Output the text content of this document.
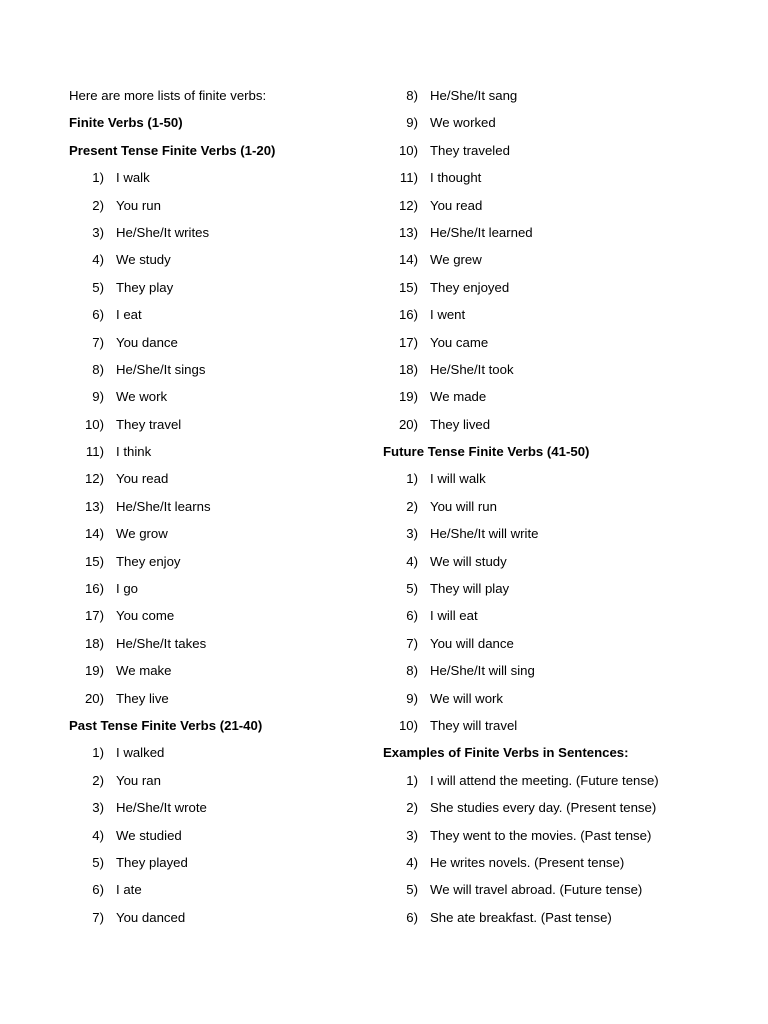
Here are more lists of finite verbs:
Finite Verbs (1-50)
Present Tense Finite Verbs (1-20)
1) I walk
2) You run
3) He/She/It writes
4) We study
5) They play
6) I eat
7) You dance
8) He/She/It sings
9) We work
10) They travel
11) I think
12) You read
13) He/She/It learns
14) We grow
15) They enjoy
16) I go
17) You come
18) He/She/It takes
19) We make
20) They live
Past Tense Finite Verbs (21-40)
1) I walked
2) You ran
3) He/She/It wrote
4) We studied
5) They played
6) I ate
7) You danced
8) He/She/It sang
9) We worked
10) They traveled
11) I thought
12) You read
13) He/She/It learned
14) We grew
15) They enjoyed
16) I went
17) You came
18) He/She/It took
19) We made
20) They lived
Future Tense Finite Verbs (41-50)
1) I will walk
2) You will run
3) He/She/It will write
4) We will study
5) They will play
6) I will eat
7) You will dance
8) He/She/It will sing
9) We will work
10) They will travel
Examples of Finite Verbs in Sentences:
1) I will attend the meeting. (Future tense)
2) She studies every day. (Present tense)
3) They went to the movies. (Past tense)
4) He writes novels. (Present tense)
5) We will travel abroad. (Future tense)
6) She ate breakfast. (Past tense)
